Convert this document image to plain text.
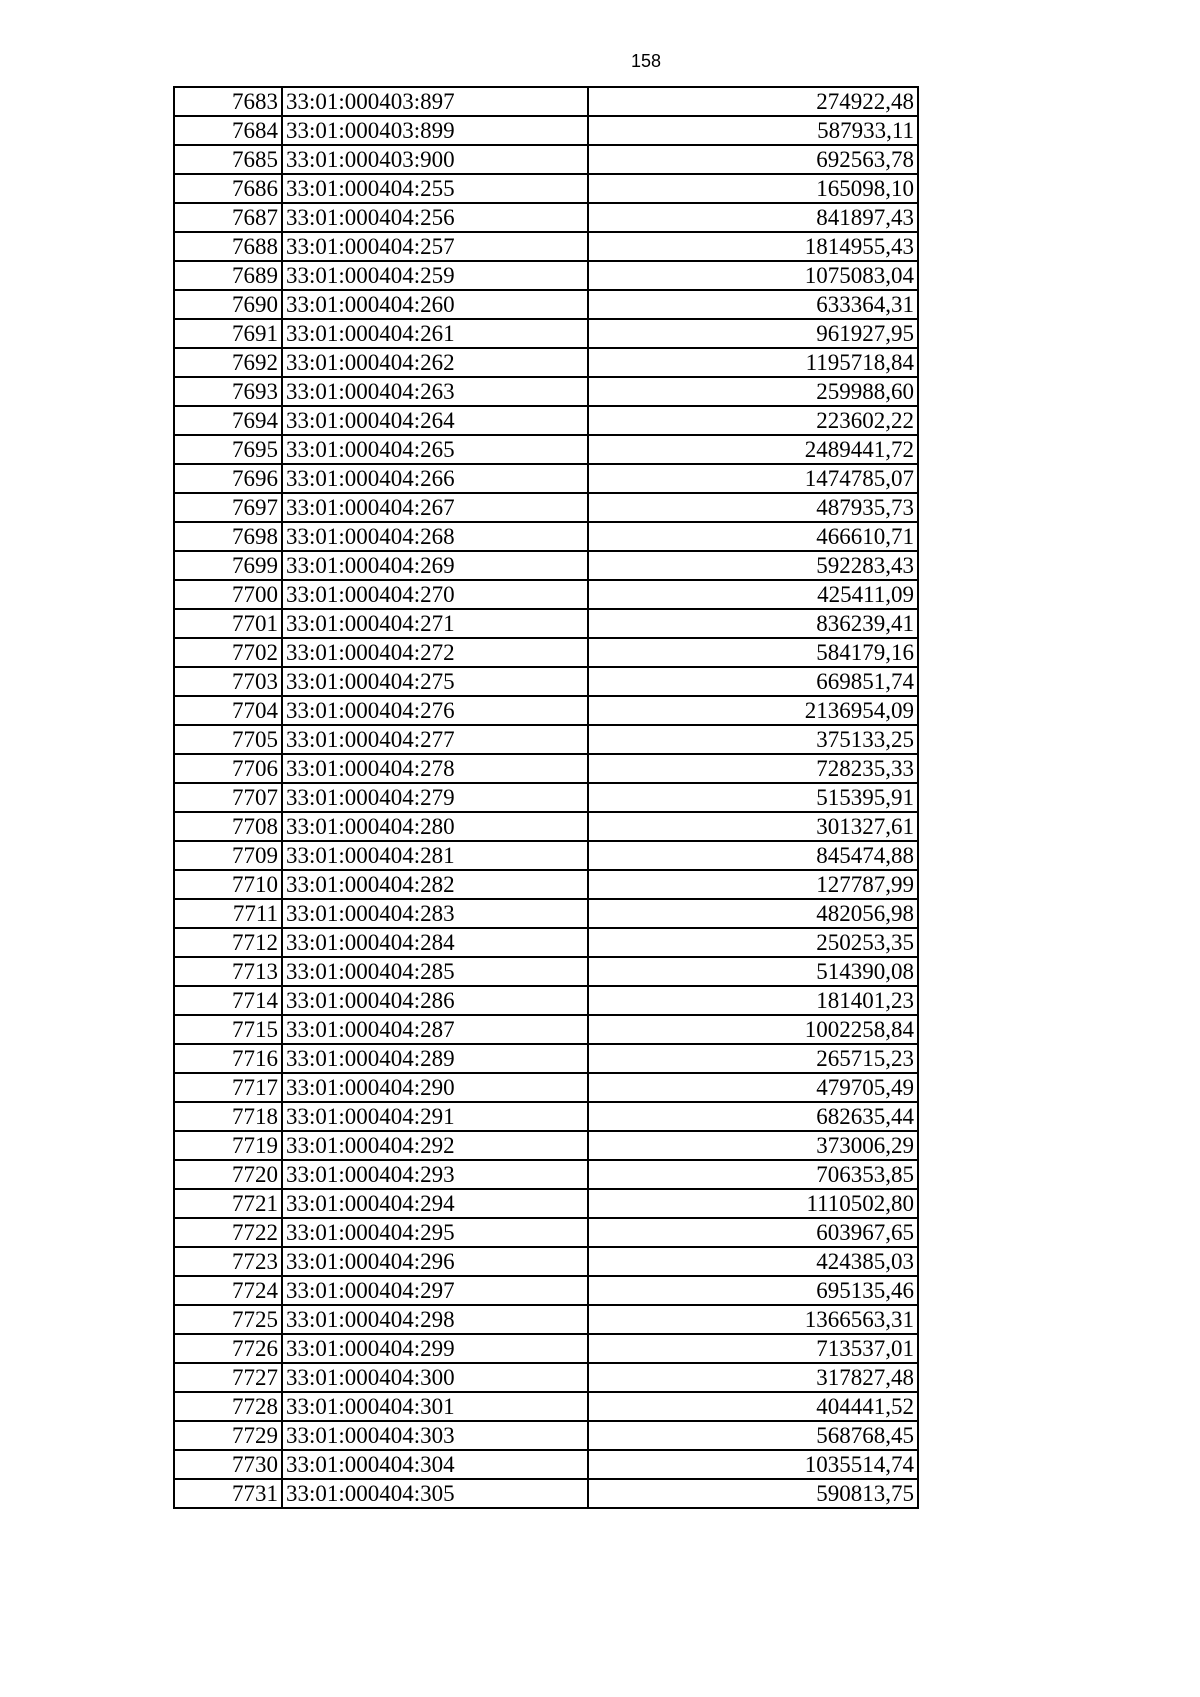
158
7683	33:01:000403:897	274922,48
7684	33:01:000403:899	587933,11
7685	33:01:000403:900	692563,78
7686	33:01:000404:255	165098,10
7687	33:01:000404:256	841897,43
7688	33:01:000404:257	1814955,43
7689	33:01:000404:259	1075083,04
7690	33:01:000404:260	633364,31
7691	33:01:000404:261	961927,95
7692	33:01:000404:262	1195718,84
7693	33:01:000404:263	259988,60
7694	33:01:000404:264	223602,22
7695	33:01:000404:265	2489441,72
7696	33:01:000404:266	1474785,07
7697	33:01:000404:267	487935,73
7698	33:01:000404:268	466610,71
7699	33:01:000404:269	592283,43
7700	33:01:000404:270	425411,09
7701	33:01:000404:271	836239,41
7702	33:01:000404:272	584179,16
7703	33:01:000404:275	669851,74
7704	33:01:000404:276	2136954,09
7705	33:01:000404:277	375133,25
7706	33:01:000404:278	728235,33
7707	33:01:000404:279	515395,91
7708	33:01:000404:280	301327,61
7709	33:01:000404:281	845474,88
7710	33:01:000404:282	127787,99
7711	33:01:000404:283	482056,98
7712	33:01:000404:284	250253,35
7713	33:01:000404:285	514390,08
7714	33:01:000404:286	181401,23
7715	33:01:000404:287	1002258,84
7716	33:01:000404:289	265715,23
7717	33:01:000404:290	479705,49
7718	33:01:000404:291	682635,44
7719	33:01:000404:292	373006,29
7720	33:01:000404:293	706353,85
7721	33:01:000404:294	1110502,80
7722	33:01:000404:295	603967,65
7723	33:01:000404:296	424385,03
7724	33:01:000404:297	695135,46
7725	33:01:000404:298	1366563,31
7726	33:01:000404:299	713537,01
7727	33:01:000404:300	317827,48
7728	33:01:000404:301	404441,52
7729	33:01:000404:303	568768,45
7730	33:01:000404:304	1035514,74
7731	33:01:000404:305	590813,75
